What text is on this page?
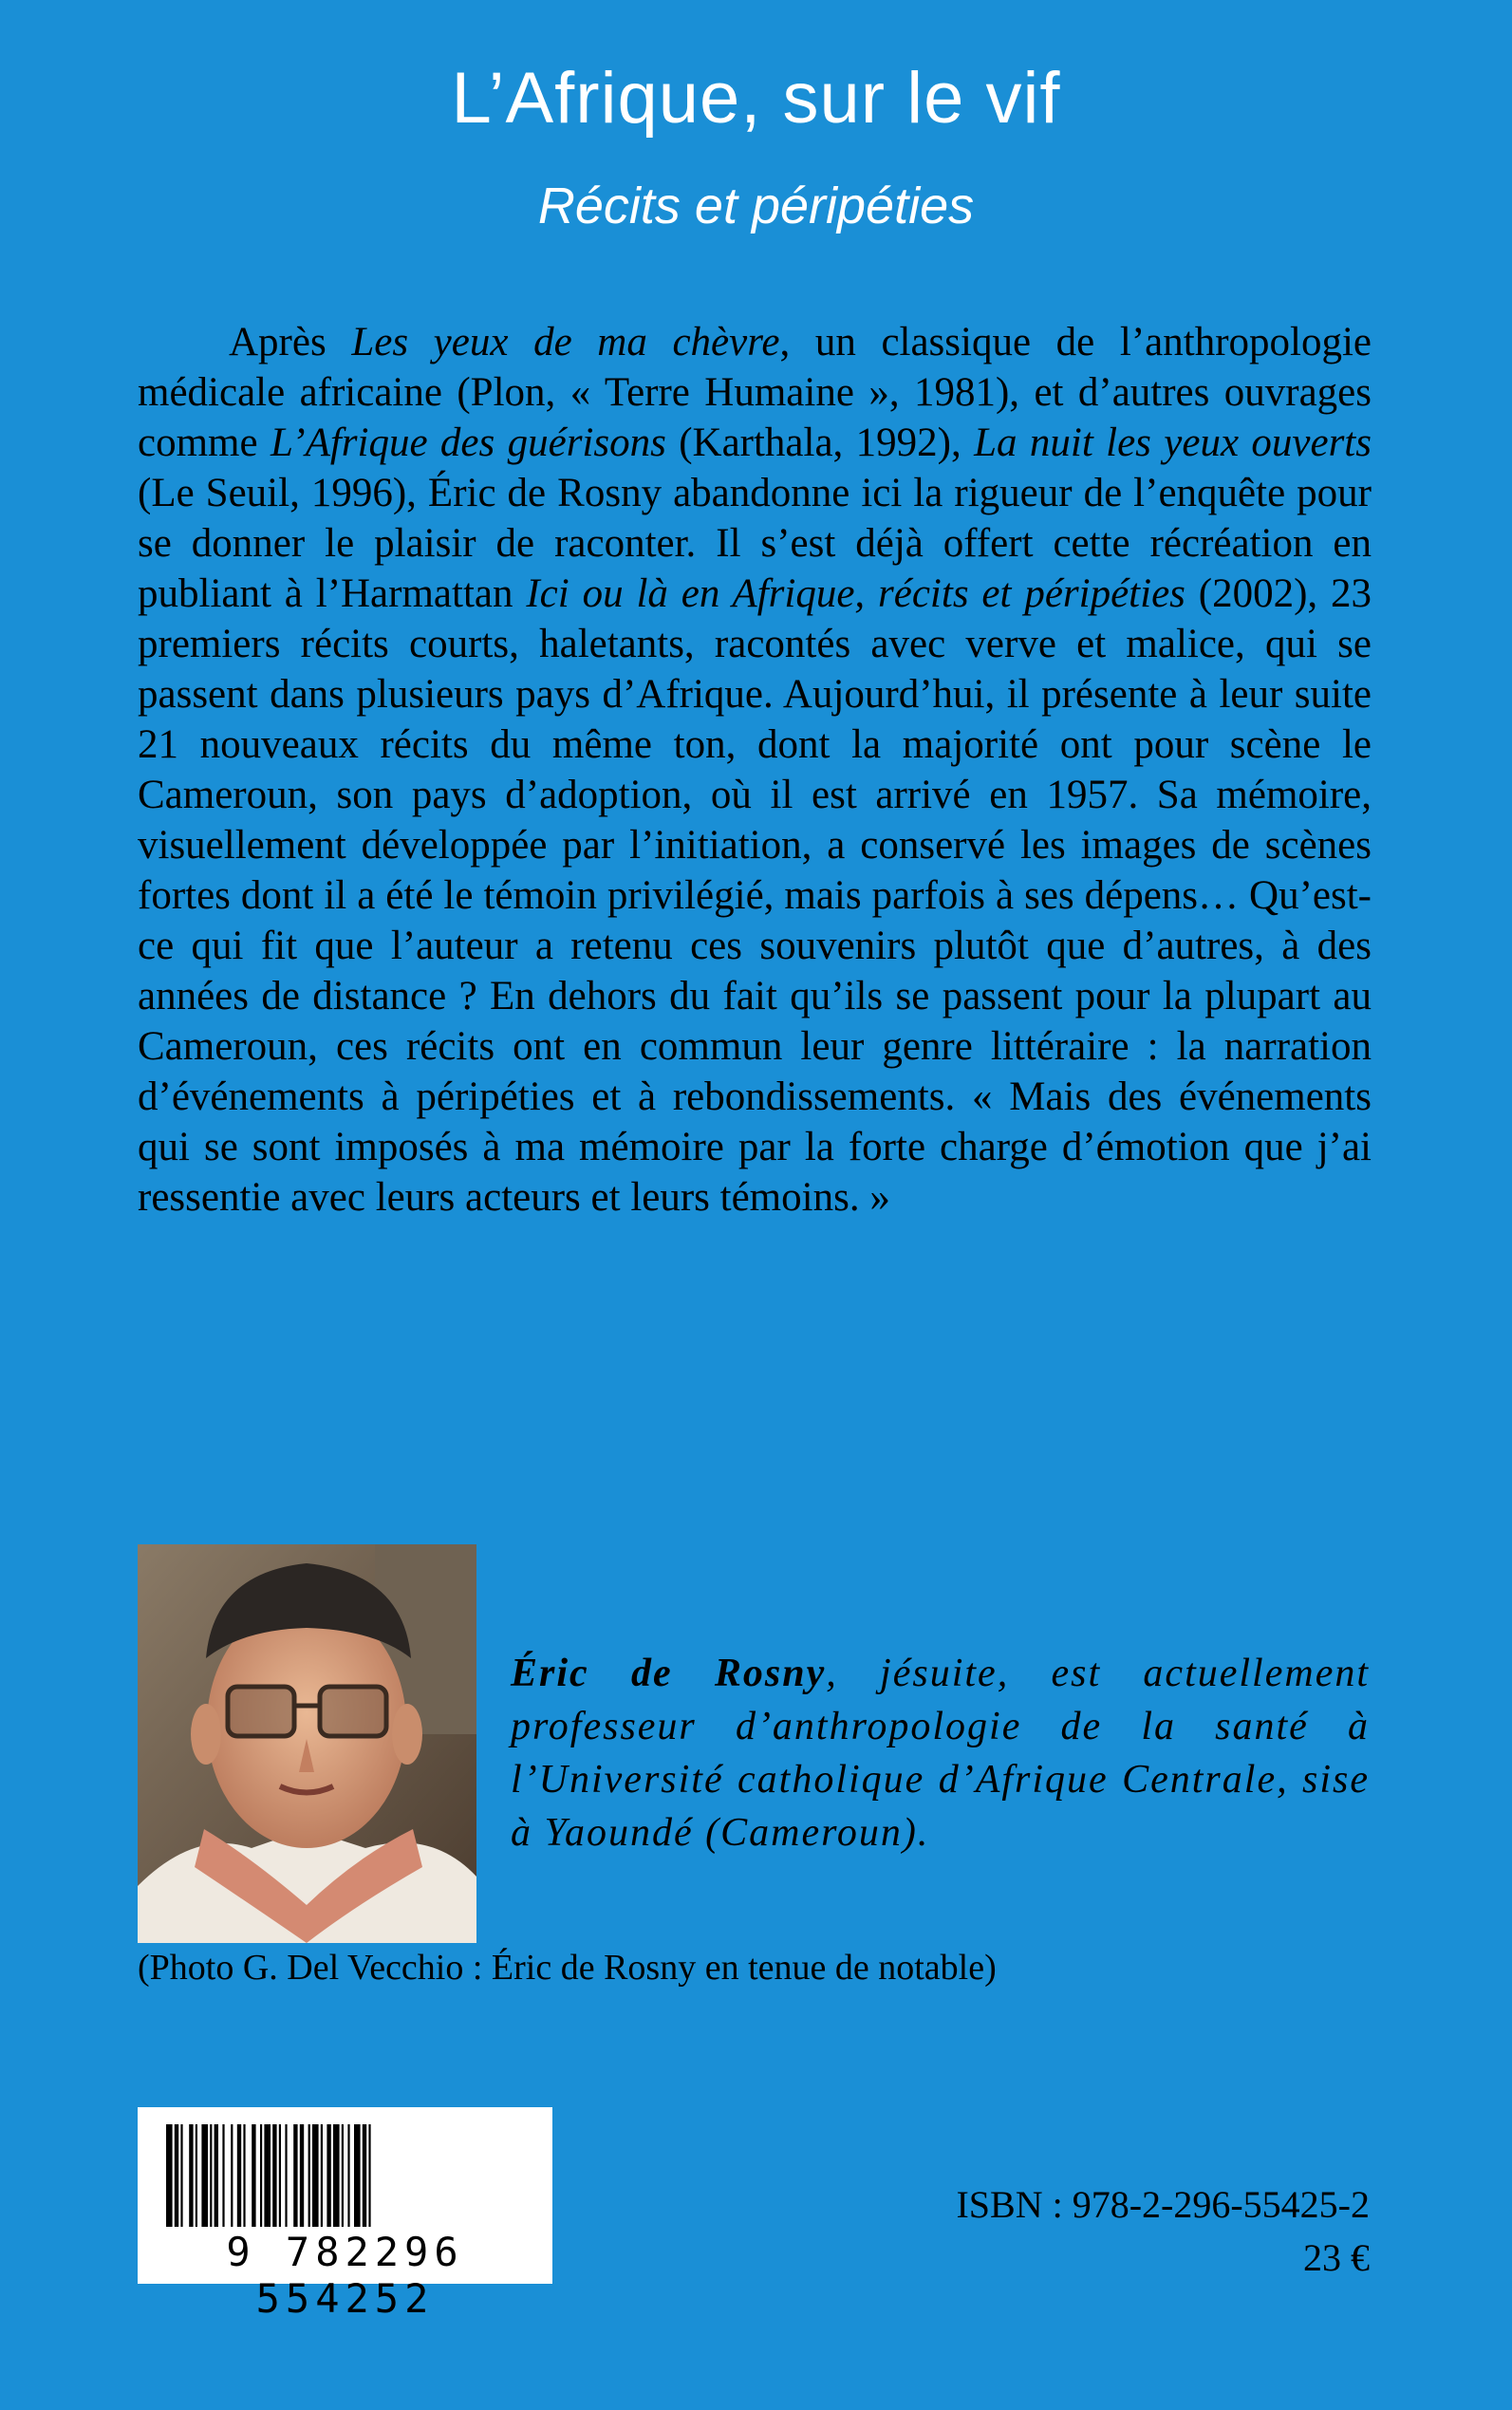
L’Afrique, sur le vif
Récits et péripéties

Après Les yeux de ma chèvre, un classique de l’anthropologie médicale africaine (Plon, « Terre Humaine », 1981), et d’autres ouvrages comme L’Afrique des guérisons (Karthala, 1992), La nuit les yeux ouverts (Le Seuil, 1996), Éric de Rosny abandonne ici la rigueur de l’enquête pour se donner le plaisir de raconter. Il s’est déjà offert cette récréation en publiant à l’Harmattan Ici ou là en Afrique, récits et péripéties (2002), 23 premiers récits courts, haletants, racontés avec verve et malice, qui se passent dans plusieurs pays d’Afrique. Aujourd’hui, il présente à leur suite 21 nouveaux récits du même ton, dont la majorité ont pour scène le Cameroun, son pays d’adoption, où il est arrivé en 1957. Sa mémoire, visuellement développée par l’initiation, a conservé les images de scènes fortes dont il a été le témoin privilégié, mais parfois à ses dépens… Qu’est-ce qui fit que l’auteur a retenu ces souvenirs plutôt que d’autres, à des années de distance ? En dehors du fait qu’ils se passent pour la plupart au Cameroun, ces récits ont en commun leur genre littéraire : la narration d’événements à péripéties et à rebondissements. « Mais des événements qui se sont imposés à ma mémoire par la forte charge d’émotion que j’ai ressentie avec leurs acteurs et leurs témoins. »

Éric de Rosny, jésuite, est actuellement professeur d’anthropologie de la santé à l’Université catholique d’Afrique Centrale, sise à Yaoundé (Cameroun).

(Photo G. Del Vecchio : Éric de Rosny en tenue de notable)
9 782296 554252
ISBN : 978-2-296-55425-2
23 €
